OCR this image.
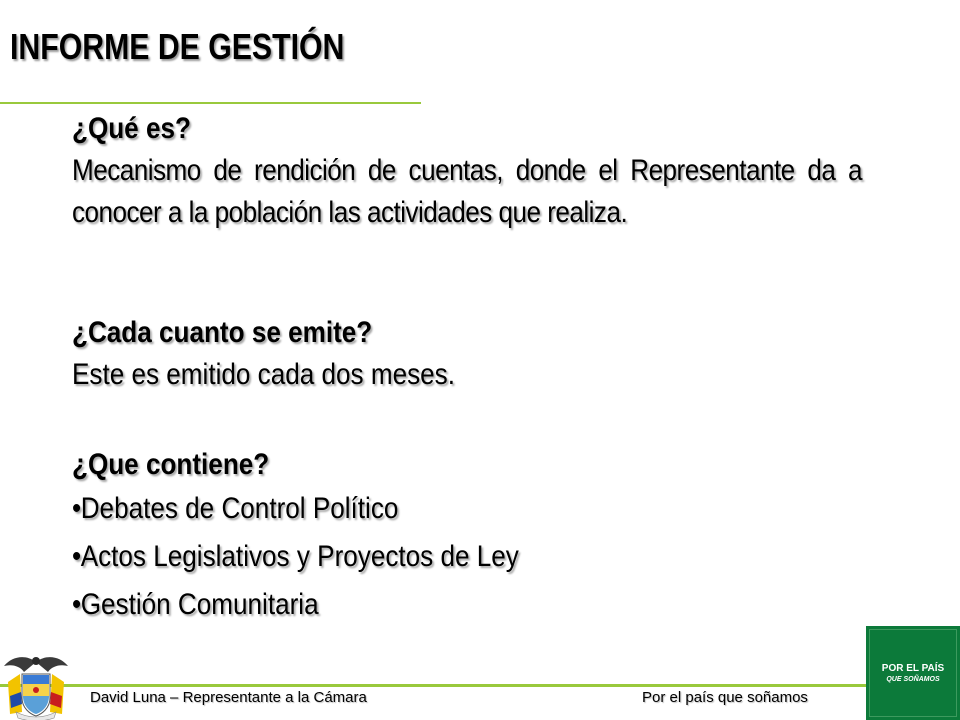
INFORME DE GESTIÓN
¿Qué es?
Mecanismo de rendición de cuentas, donde el Representante da a conocer a la población las actividades que realiza.
¿Cada cuanto se emite?
Este es emitido cada dos meses.
¿Que contiene?
• Debates de Control Político
• Actos Legislativos y Proyectos de Ley
• Gestión Comunitaria
David Luna – Representante a la Cámara	Por el país que soñamos
POR EL PAÍS
QUE SOÑAMOS
